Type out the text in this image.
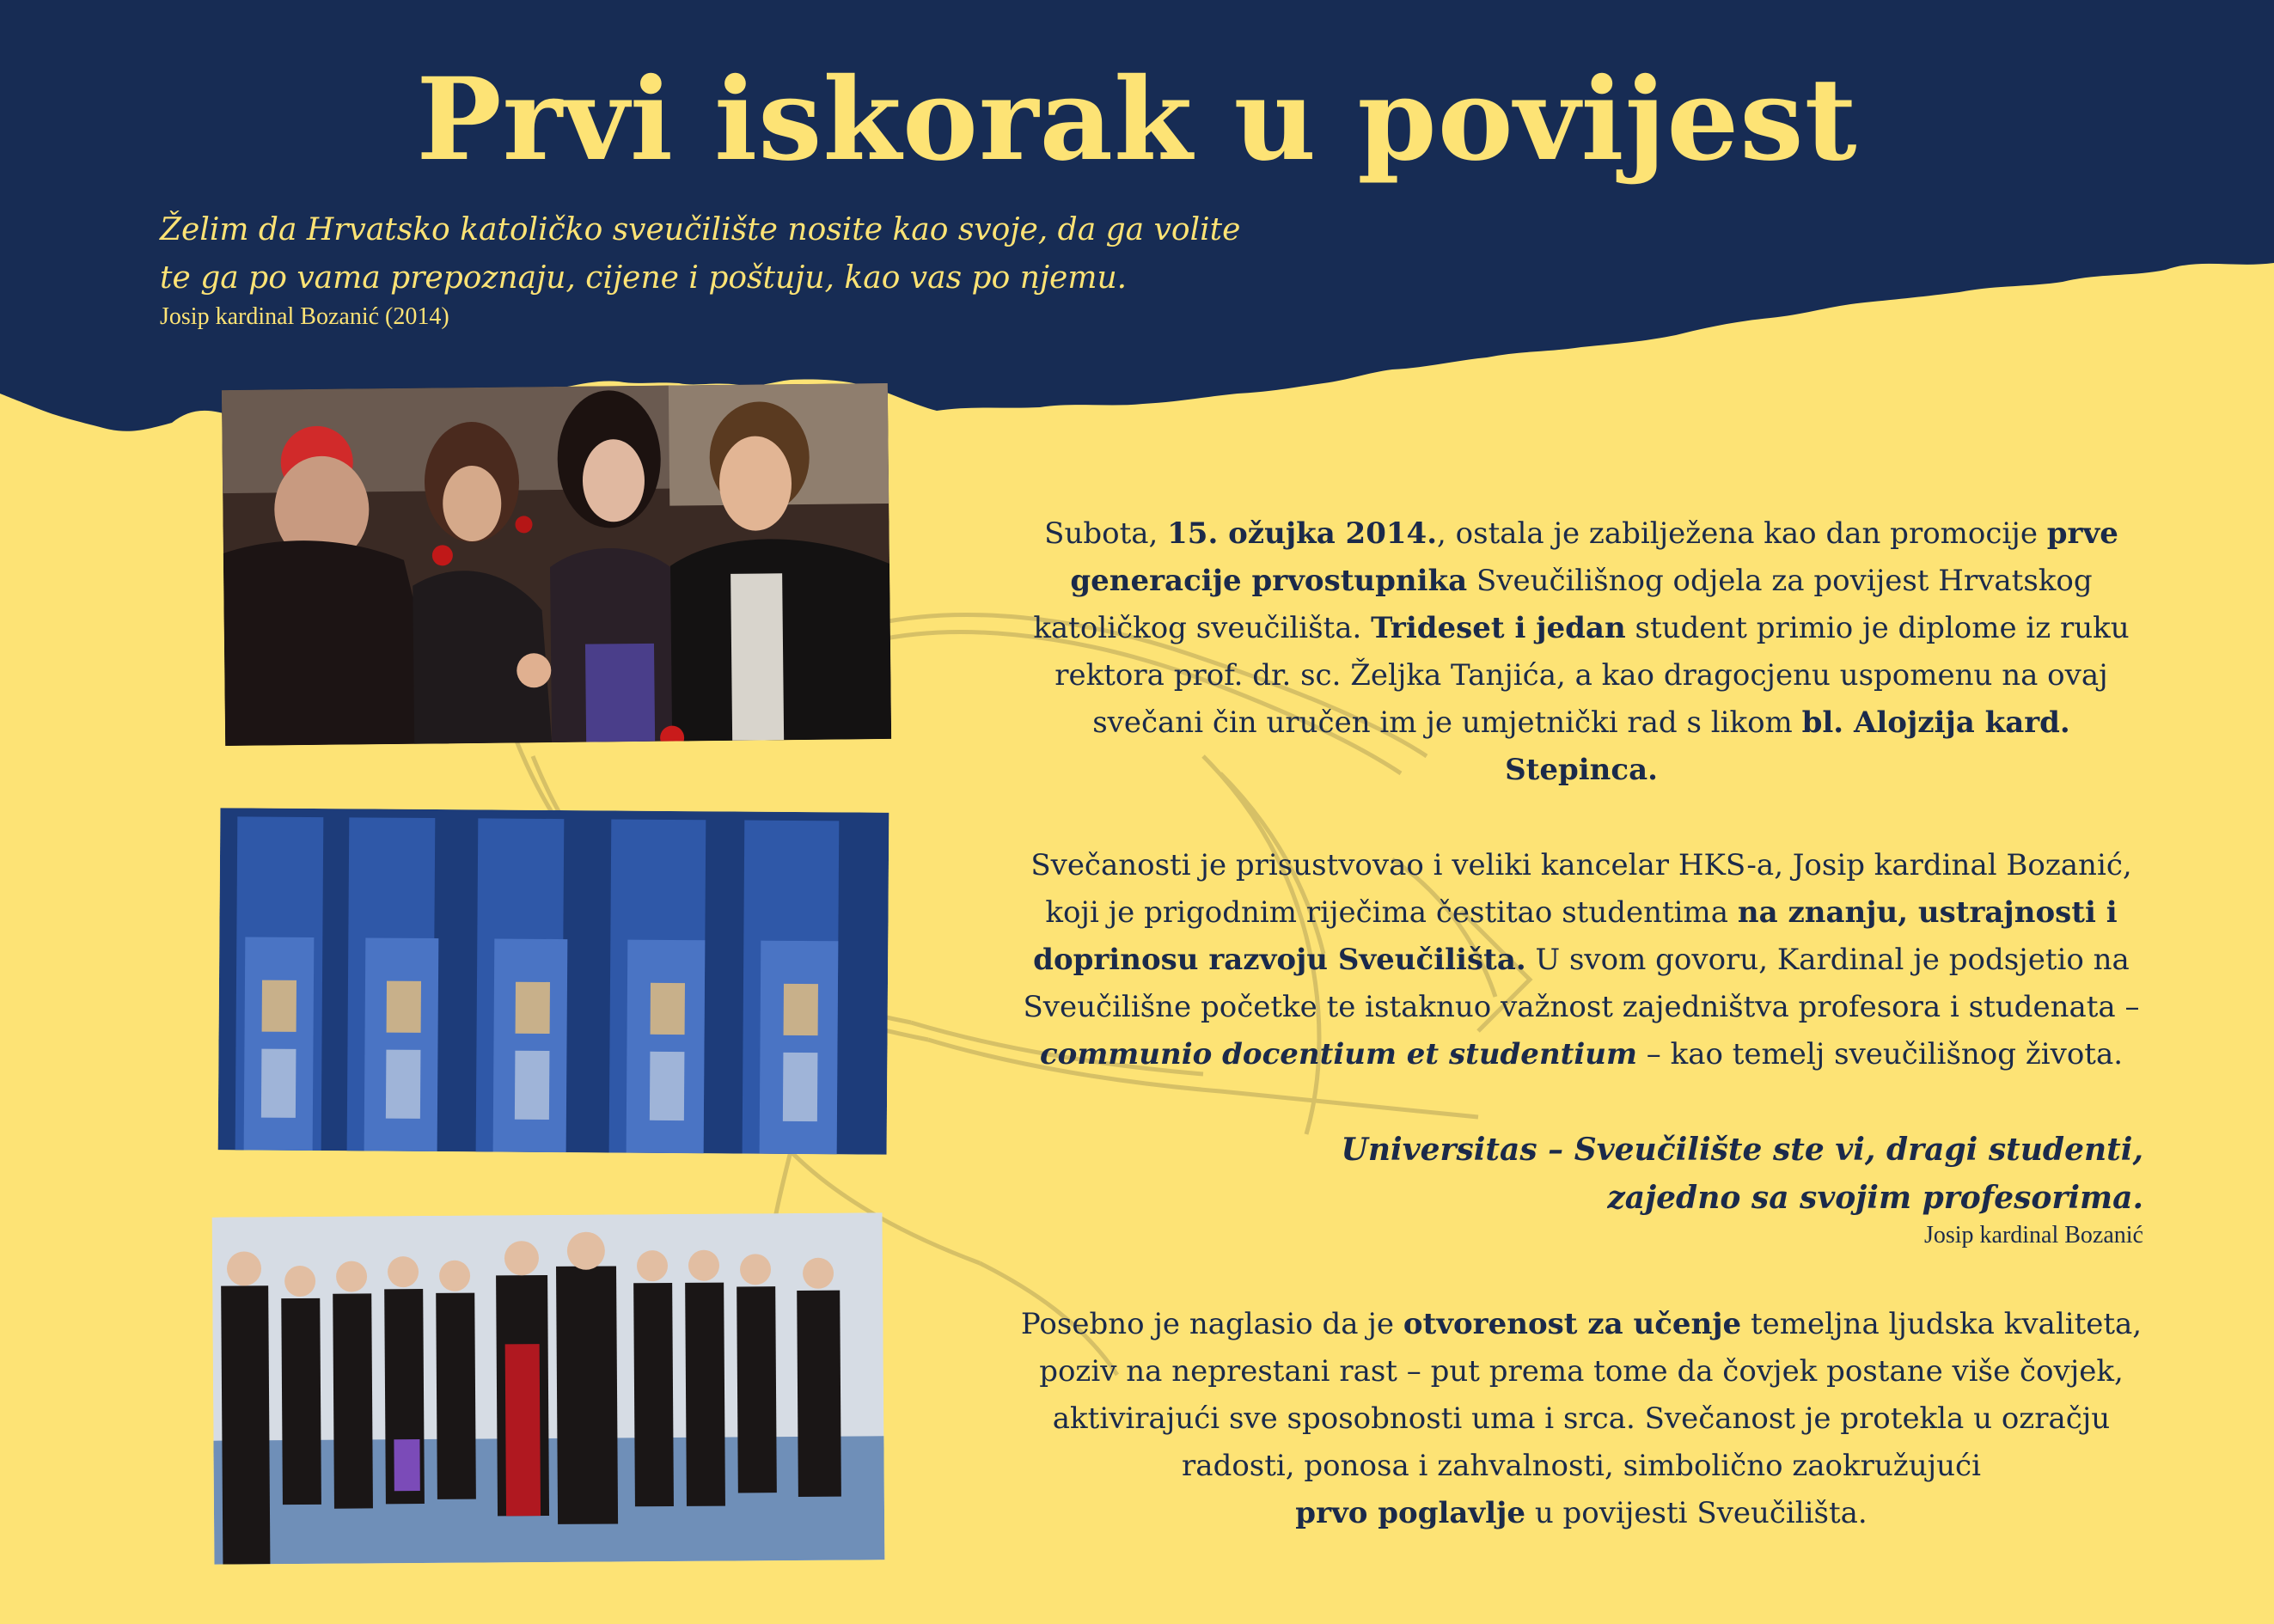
Prvi iskorak u povijest
Želim da Hrvatsko katoličko sveučilište nosite kao svoje, da ga volite
te ga po vama prepoznaju, cijene i poštuju, kao vas po njemu.
Josip kardinal Bozanić (2014)
Subota, 15. ožujka 2014., ostala je zabilježena kao dan promocije prve generacije prvostupnika Sveučilišnog odjela za povijest Hrvatskog katoličkog sveučilišta. Trideset i jedan student primio je diplome iz ruku rektora prof. dr. sc. Željka Tanjića, a kao dragocjenu uspomenu na ovaj svečani čin uručen im je umjetnički rad s likom bl. Alojzija kard. Stepinca.
Svečanosti je prisustvovao i veliki kancelar HKS-a, Josip kardinal Bozanić, koji je prigodnim riječima čestitao studentima na znanju, ustrajnosti i doprinosu razvoju Sveučilišta. U svom govoru, Kardinal je podsjetio na Sveučilišne početke te istaknuo važnost zajedništva profesora i studenata – communio docentium et studentium – kao temelj sveučilišnog života.
Universitas – Sveučilište ste vi, dragi studenti,
zajedno sa svojim profesorima.
Josip kardinal Bozanić
Posebno je naglasio da je otvorenost za učenje temeljna ljudska kvaliteta, poziv na neprestani rast – put prema tome da čovjek postane više čovjek, aktivirajući sve sposobnosti uma i srca. Svečanost je protekla u ozračju radosti, ponosa i zahvalnosti, simbolično zaokružujući
prvo poglavlje u povijesti Sveučilišta.
